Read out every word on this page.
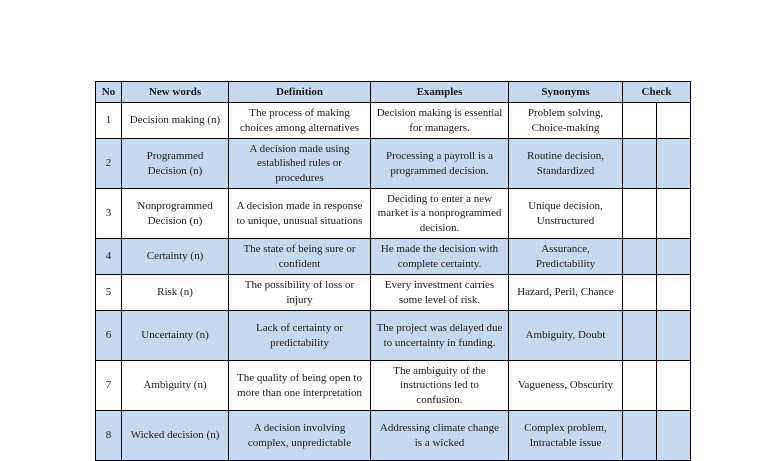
No	New words	Definition	Examples	Synonyms	Check	
1	Decision making (n)	The process of making choices among alternatives	Decision making is essential for managers.	Problem solving, Choice-making		
2	Programmed Decision (n)	A decision made using established rules or procedures	Processing a payroll is a programmed decision.	Routine decision, Standardized		
3	Nonprogrammed Decision (n)	A decision made in response to unique, unusual situations	Deciding to enter a new market is a nonprogrammed decision.	Unique decision, Unstructured		
4	Certainty (n)	The state of being sure or confident	He made the decision with complete certainty.	Assurance, Predictability		
5	Risk (n)	The possibility of loss or injury	Every investment carries some level of risk.	Hazard, Peril, Chance		
6	Uncertainty (n)	Lack of certainty or predictability	The project was delayed due to uncertainty in funding.	Ambiguity, Doubt		
7	Ambiguity (n)	The quality of being open to more than one interpretation	The ambiguity of the instructions led to confusion.	Vagueness, Obscurity		
8	Wicked decision (n)	A decision involving complex, unpredictable	Addressing climate change is a wicked	Complex problem, Intractable issue		
